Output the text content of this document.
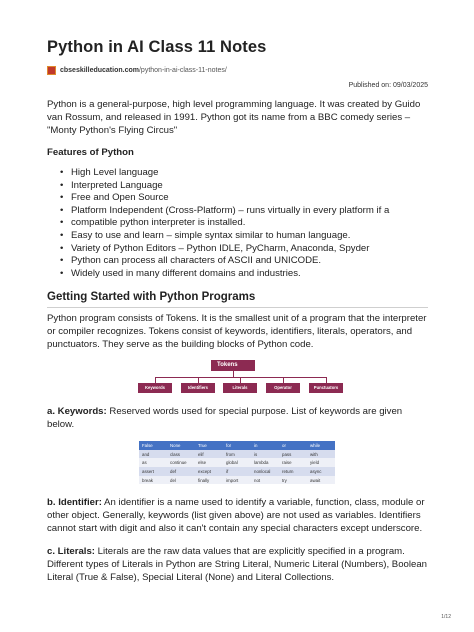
Python in AI Class 11 Notes
cbseskilleducation.com/python-in-ai-class-11-notes/
Published on: 09/03/2025

Python is a general-purpose, high level programming language. It was created by Guido van Rossum, and released in 1991. Python got its name from a BBC comedy series – "Monty Python's Flying Circus"

Features of Python
• High Level language
• Interpreted Language
• Free and Open Source
• Platform Independent (Cross-Platform) – runs virtually in every platform if a
• compatible python interpreter is installed.
• Easy to use and learn – simple syntax similar to human language.
• Variety of Python Editors – Python IDLE, PyCharm, Anaconda, Spyder
• Python can process all characters of ASCII and UNICODE.
• Widely used in many different domains and industries.
Getting Started with Python Programs

Python program consists of Tokens. It is the smallest unit of a program that the interpreter or compiler recognizes. Tokens consist of keywords, identifiers, literals, operators, and punctuators. They serve as the building blocks of Python code.

Tokens
Keywords	Identifiers	Literals	Operator	Punctuators

a. Keywords: Reserved words used for special purpose. List of keywords are given below.

False	None	True	for	in	or	while
and	class	elif	from	is	pass	with
as	continue	else	global	lambda	raise	yield
assert	def	except	if	nonlocal	return	async
break	del	finally	import	not	try	await

b. Identifier: An identifier is a name used to identify a variable, function, class, module or other object. Generally, keywords (list given above) are not used as variables. Identifiers cannot start with digit and also it can't contain any special characters except underscore.

c. Literals: Literals are the raw data values that are explicitly specified in a program. Different types of Literals in Python are String Literal, Numeric Literal (Numbers), Boolean Literal (True & False), Special Literal (None) and Literal Collections.

1/12
